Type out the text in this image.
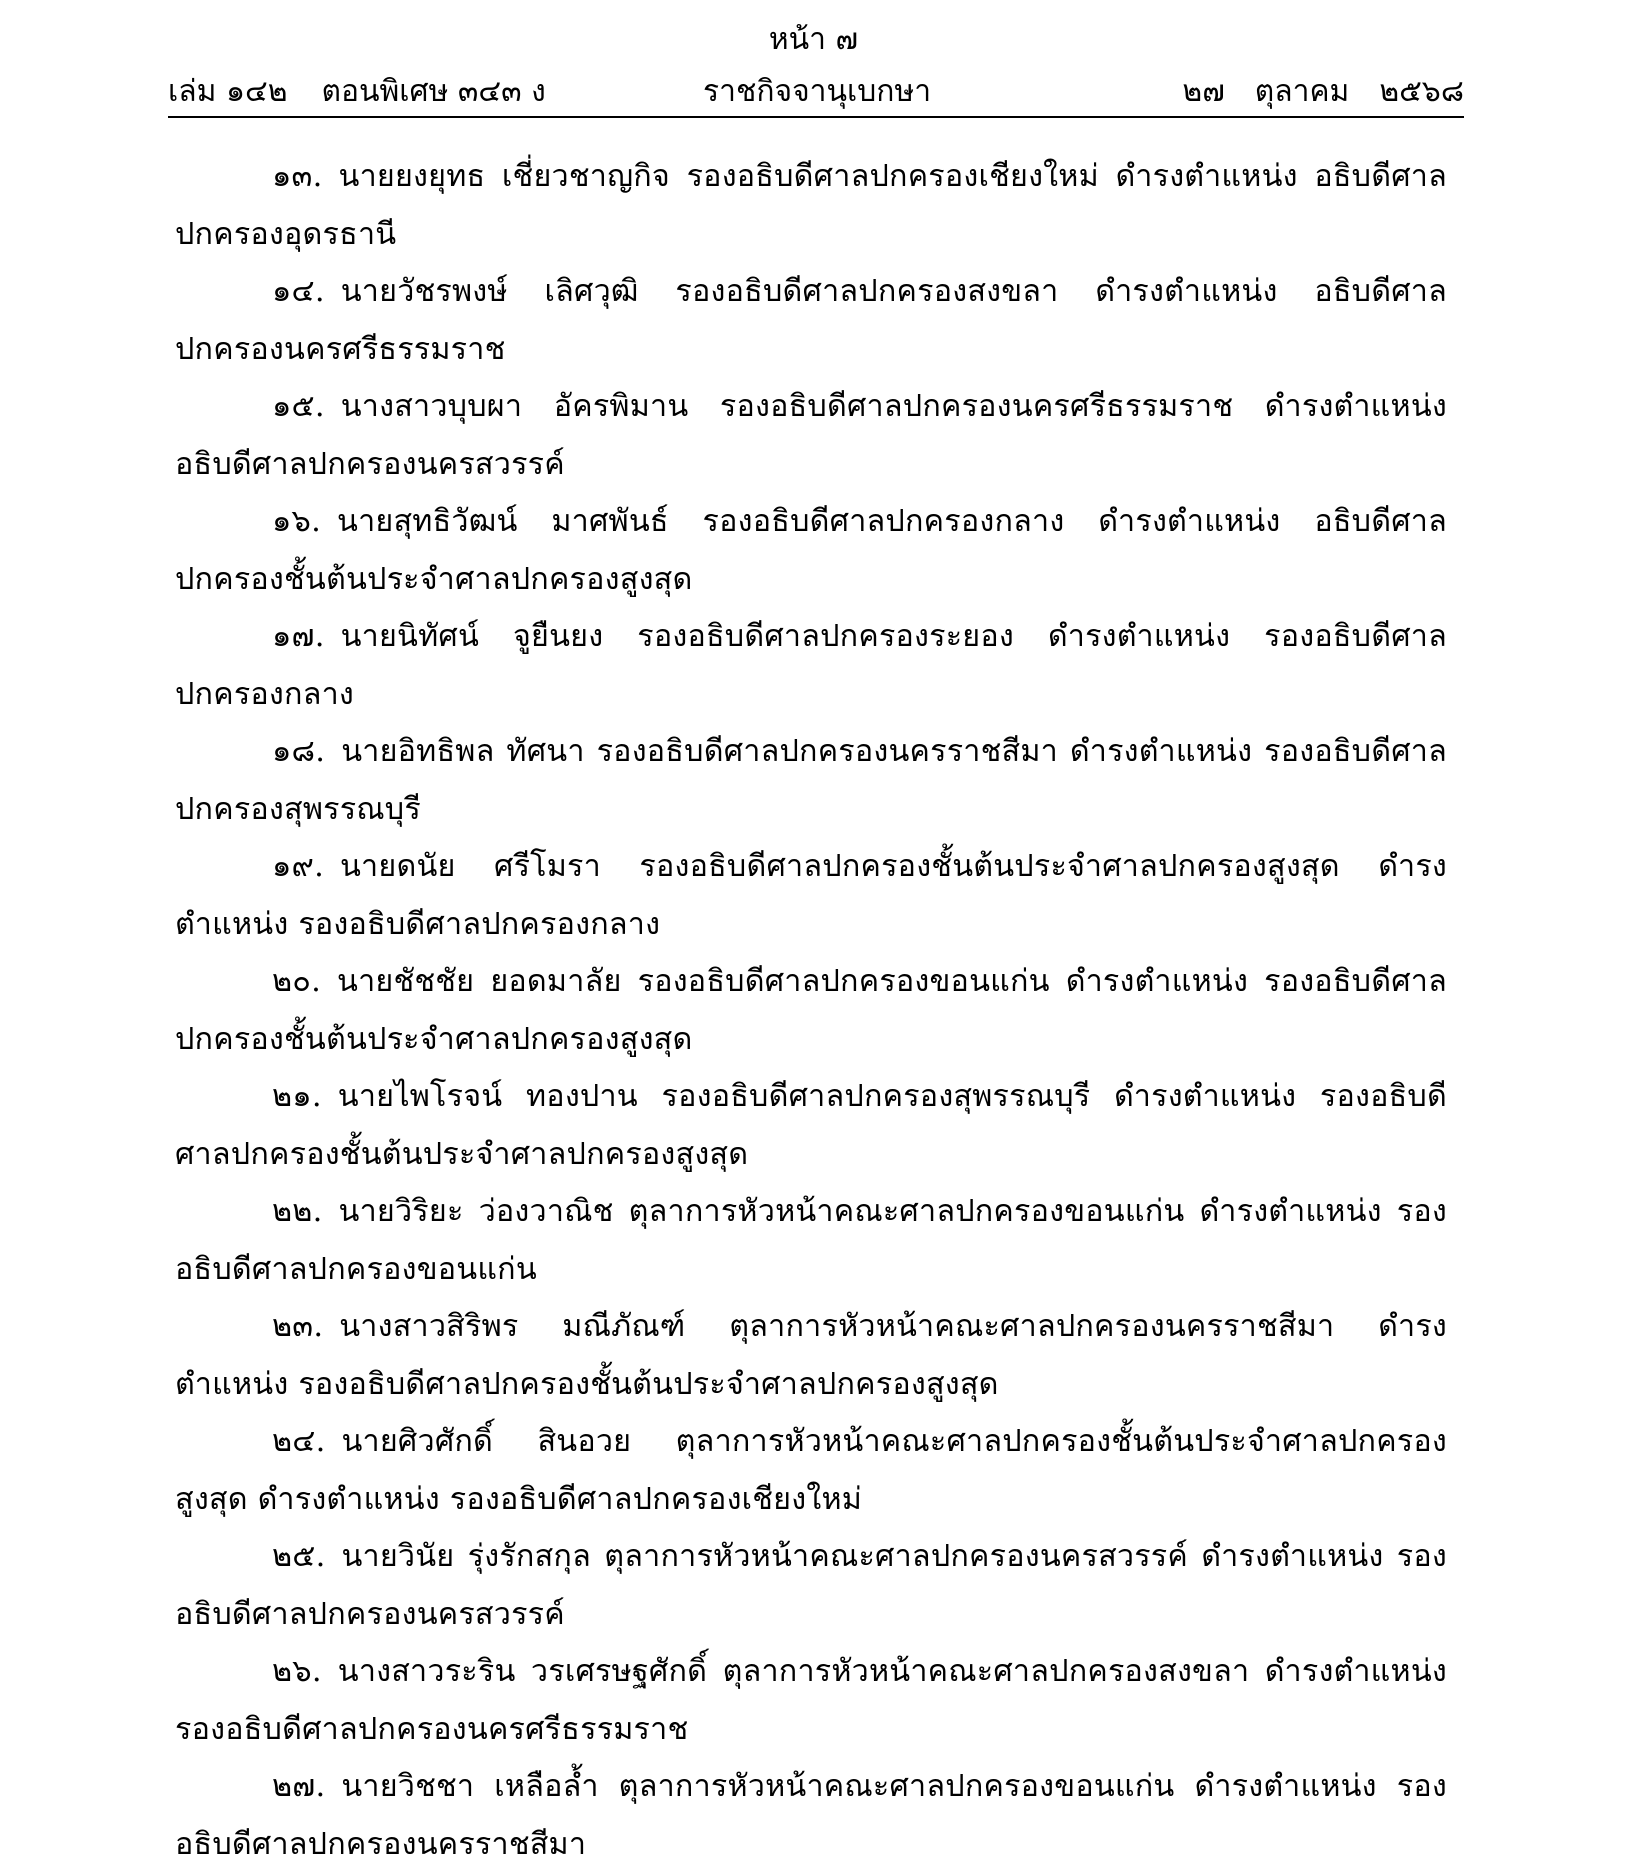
หน้า ๗
เล่ม ๑๔๒ ตอนพิเศษ ๓๔๓ ง	ราชกิจจานุเบกษา	๒๗ ตุลาคม ๒๕๖๘

๑๓. นายยงยุทธ เชี่ยวชาญกิจ รองอธิบดีศาลปกครองเชียงใหม่ ดำรงตำแหน่ง อธิบดีศาลปกครองอุดรธานี

๑๔. นายวัชรพงษ์ เลิศวุฒิ รองอธิบดีศาลปกครองสงขลา ดำรงตำแหน่ง อธิบดีศาลปกครองนครศรีธรรมราช

๑๕. นางสาวบุบผา อัครพิมาน รองอธิบดีศาลปกครองนครศรีธรรมราช ดำรงตำแหน่ง อธิบดีศาลปกครองนครสวรรค์

๑๖. นายสุทธิวัฒน์ มาศพันธ์ รองอธิบดีศาลปกครองกลาง ดำรงตำแหน่ง อธิบดีศาลปกครองชั้นต้นประจำศาลปกครองสูงสุด

๑๗. นายนิทัศน์ จูยืนยง รองอธิบดีศาลปกครองระยอง ดำรงตำแหน่ง รองอธิบดีศาลปกครองกลาง

๑๘. นายอิทธิพล ทัศนา รองอธิบดีศาลปกครองนครราชสีมา ดำรงตำแหน่ง รองอธิบดีศาลปกครองสุพรรณบุรี

๑๙. นายดนัย ศรีโมรา รองอธิบดีศาลปกครองชั้นต้นประจำศาลปกครองสูงสุด ดำรงตำแหน่ง รองอธิบดีศาลปกครองกลาง

๒๐. นายชัชชัย ยอดมาลัย รองอธิบดีศาลปกครองขอนแก่น ดำรงตำแหน่ง รองอธิบดีศาลปกครองชั้นต้นประจำศาลปกครองสูงสุด

๒๑. นายไพโรจน์ ทองปาน รองอธิบดีศาลปกครองสุพรรณบุรี ดำรงตำแหน่ง รองอธิบดีศาลปกครองชั้นต้นประจำศาลปกครองสูงสุด

๒๒. นายวิริยะ ว่องวาณิช ตุลาการหัวหน้าคณะศาลปกครองขอนแก่น ดำรงตำแหน่ง รองอธิบดีศาลปกครองขอนแก่น

๒๓. นางสาวสิริพร มณีภัณฑ์ ตุลาการหัวหน้าคณะศาลปกครองนครราชสีมา ดำรงตำแหน่ง รองอธิบดีศาลปกครองชั้นต้นประจำศาลปกครองสูงสุด

๒๔. นายศิวศักดิ์ สินอวย ตุลาการหัวหน้าคณะศาลปกครองชั้นต้นประจำศาลปกครองสูงสุด ดำรงตำแหน่ง รองอธิบดีศาลปกครองเชียงใหม่

๒๕. นายวินัย รุ่งรักสกุล ตุลาการหัวหน้าคณะศาลปกครองนครสวรรค์ ดำรงตำแหน่ง รองอธิบดีศาลปกครองนครสวรรค์

๒๖. นางสาวระริน วรเศรษฐศักดิ์ ตุลาการหัวหน้าคณะศาลปกครองสงขลา ดำรงตำแหน่ง รองอธิบดีศาลปกครองนครศรีธรรมราช

๒๗. นายวิชชา เหลือล้ำ ตุลาการหัวหน้าคณะศาลปกครองขอนแก่น ดำรงตำแหน่ง รองอธิบดีศาลปกครองนครราชสีมา
